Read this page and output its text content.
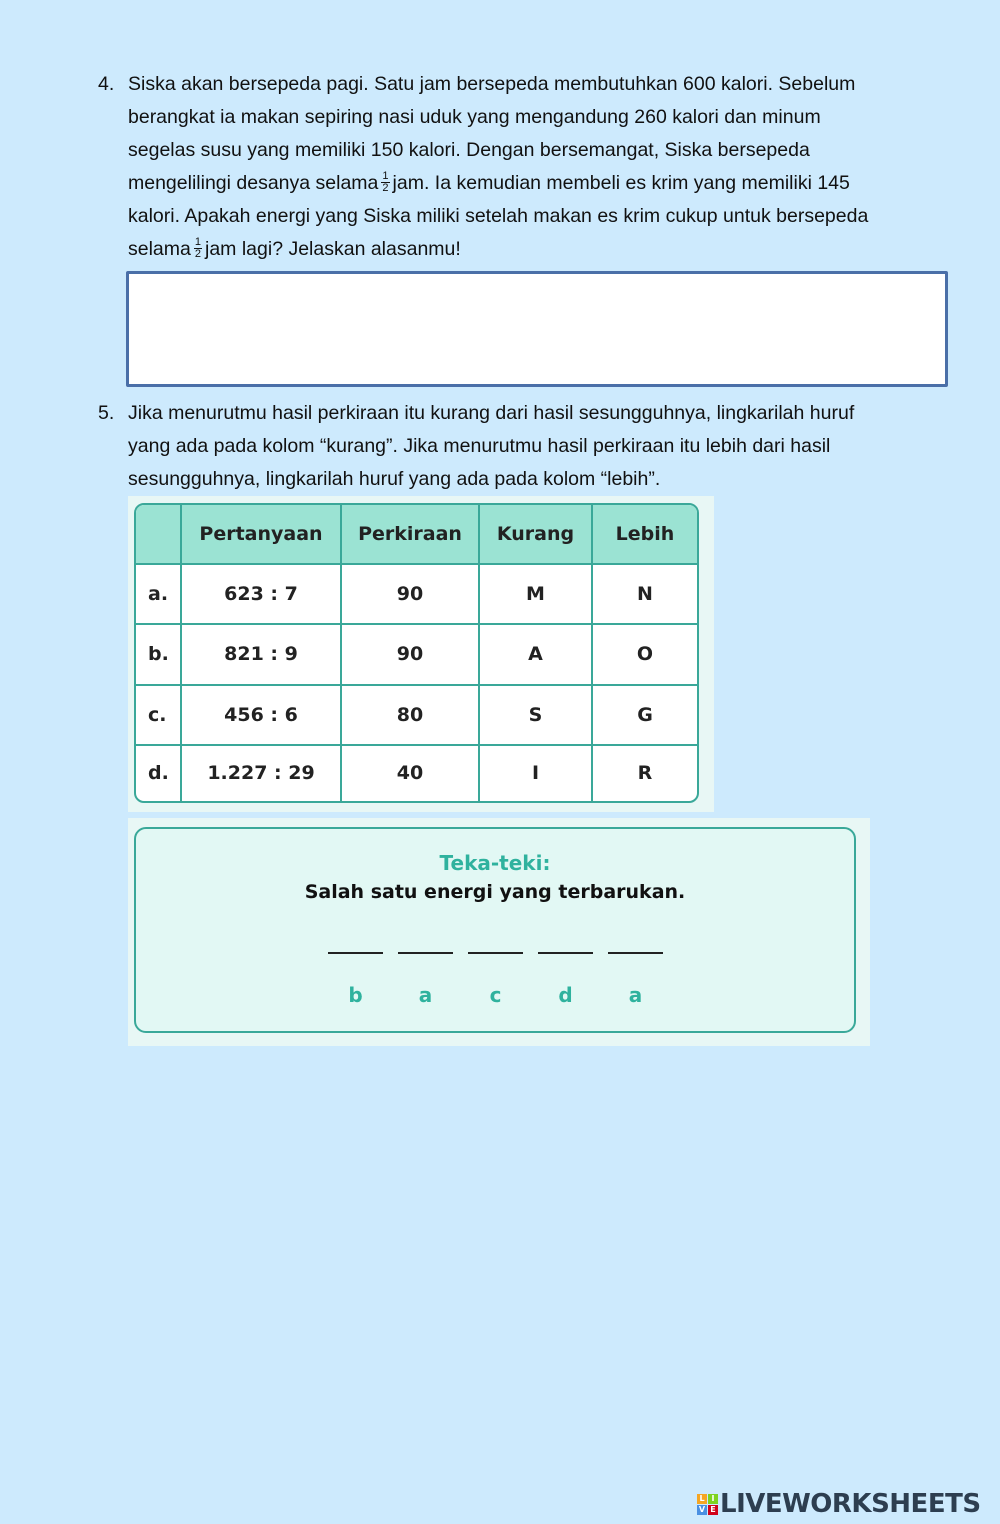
4. Siska akan bersepeda pagi. Satu jam bersepeda membutuhkan 600 kalori. Sebelum
berangkat ia makan sepiring nasi uduk yang mengandung 260 kalori dan minum
segelas susu yang memiliki 150 kalori. Dengan bersemangat, Siska bersepeda
mengelilingi desanya selama $\frac{1}{2}$ jam. Ia kemudian membeli es krim yang memiliki 145
kalori. Apakah energi yang Siska miliki setelah makan es krim cukup untuk bersepeda
selama $\frac{1}{2}$ jam lagi? Jelaskan alasanmu!
5. Jika menurutmu hasil perkiraan itu kurang dari hasil sesungguhnya, lingkarilah huruf
yang ada pada kolom “kurang”. Jika menurutmu hasil perkiraan itu lebih dari hasil
sesungguhnya, lingkarilah huruf yang ada pada kolom “lebih”.
	Pertanyaan	Perkiraan	Kurang	Lebih
a.	623 : 7	90	M	N
b.	821 : 9	90	A	O
c.	456 : 6	80	S	G
d.	1.227 : 29	40	I	R
Teka-teki:
Salah satu energi yang terbarukan.
b	a	c	d	a
L I
V E LIVEWORKSHEETS
